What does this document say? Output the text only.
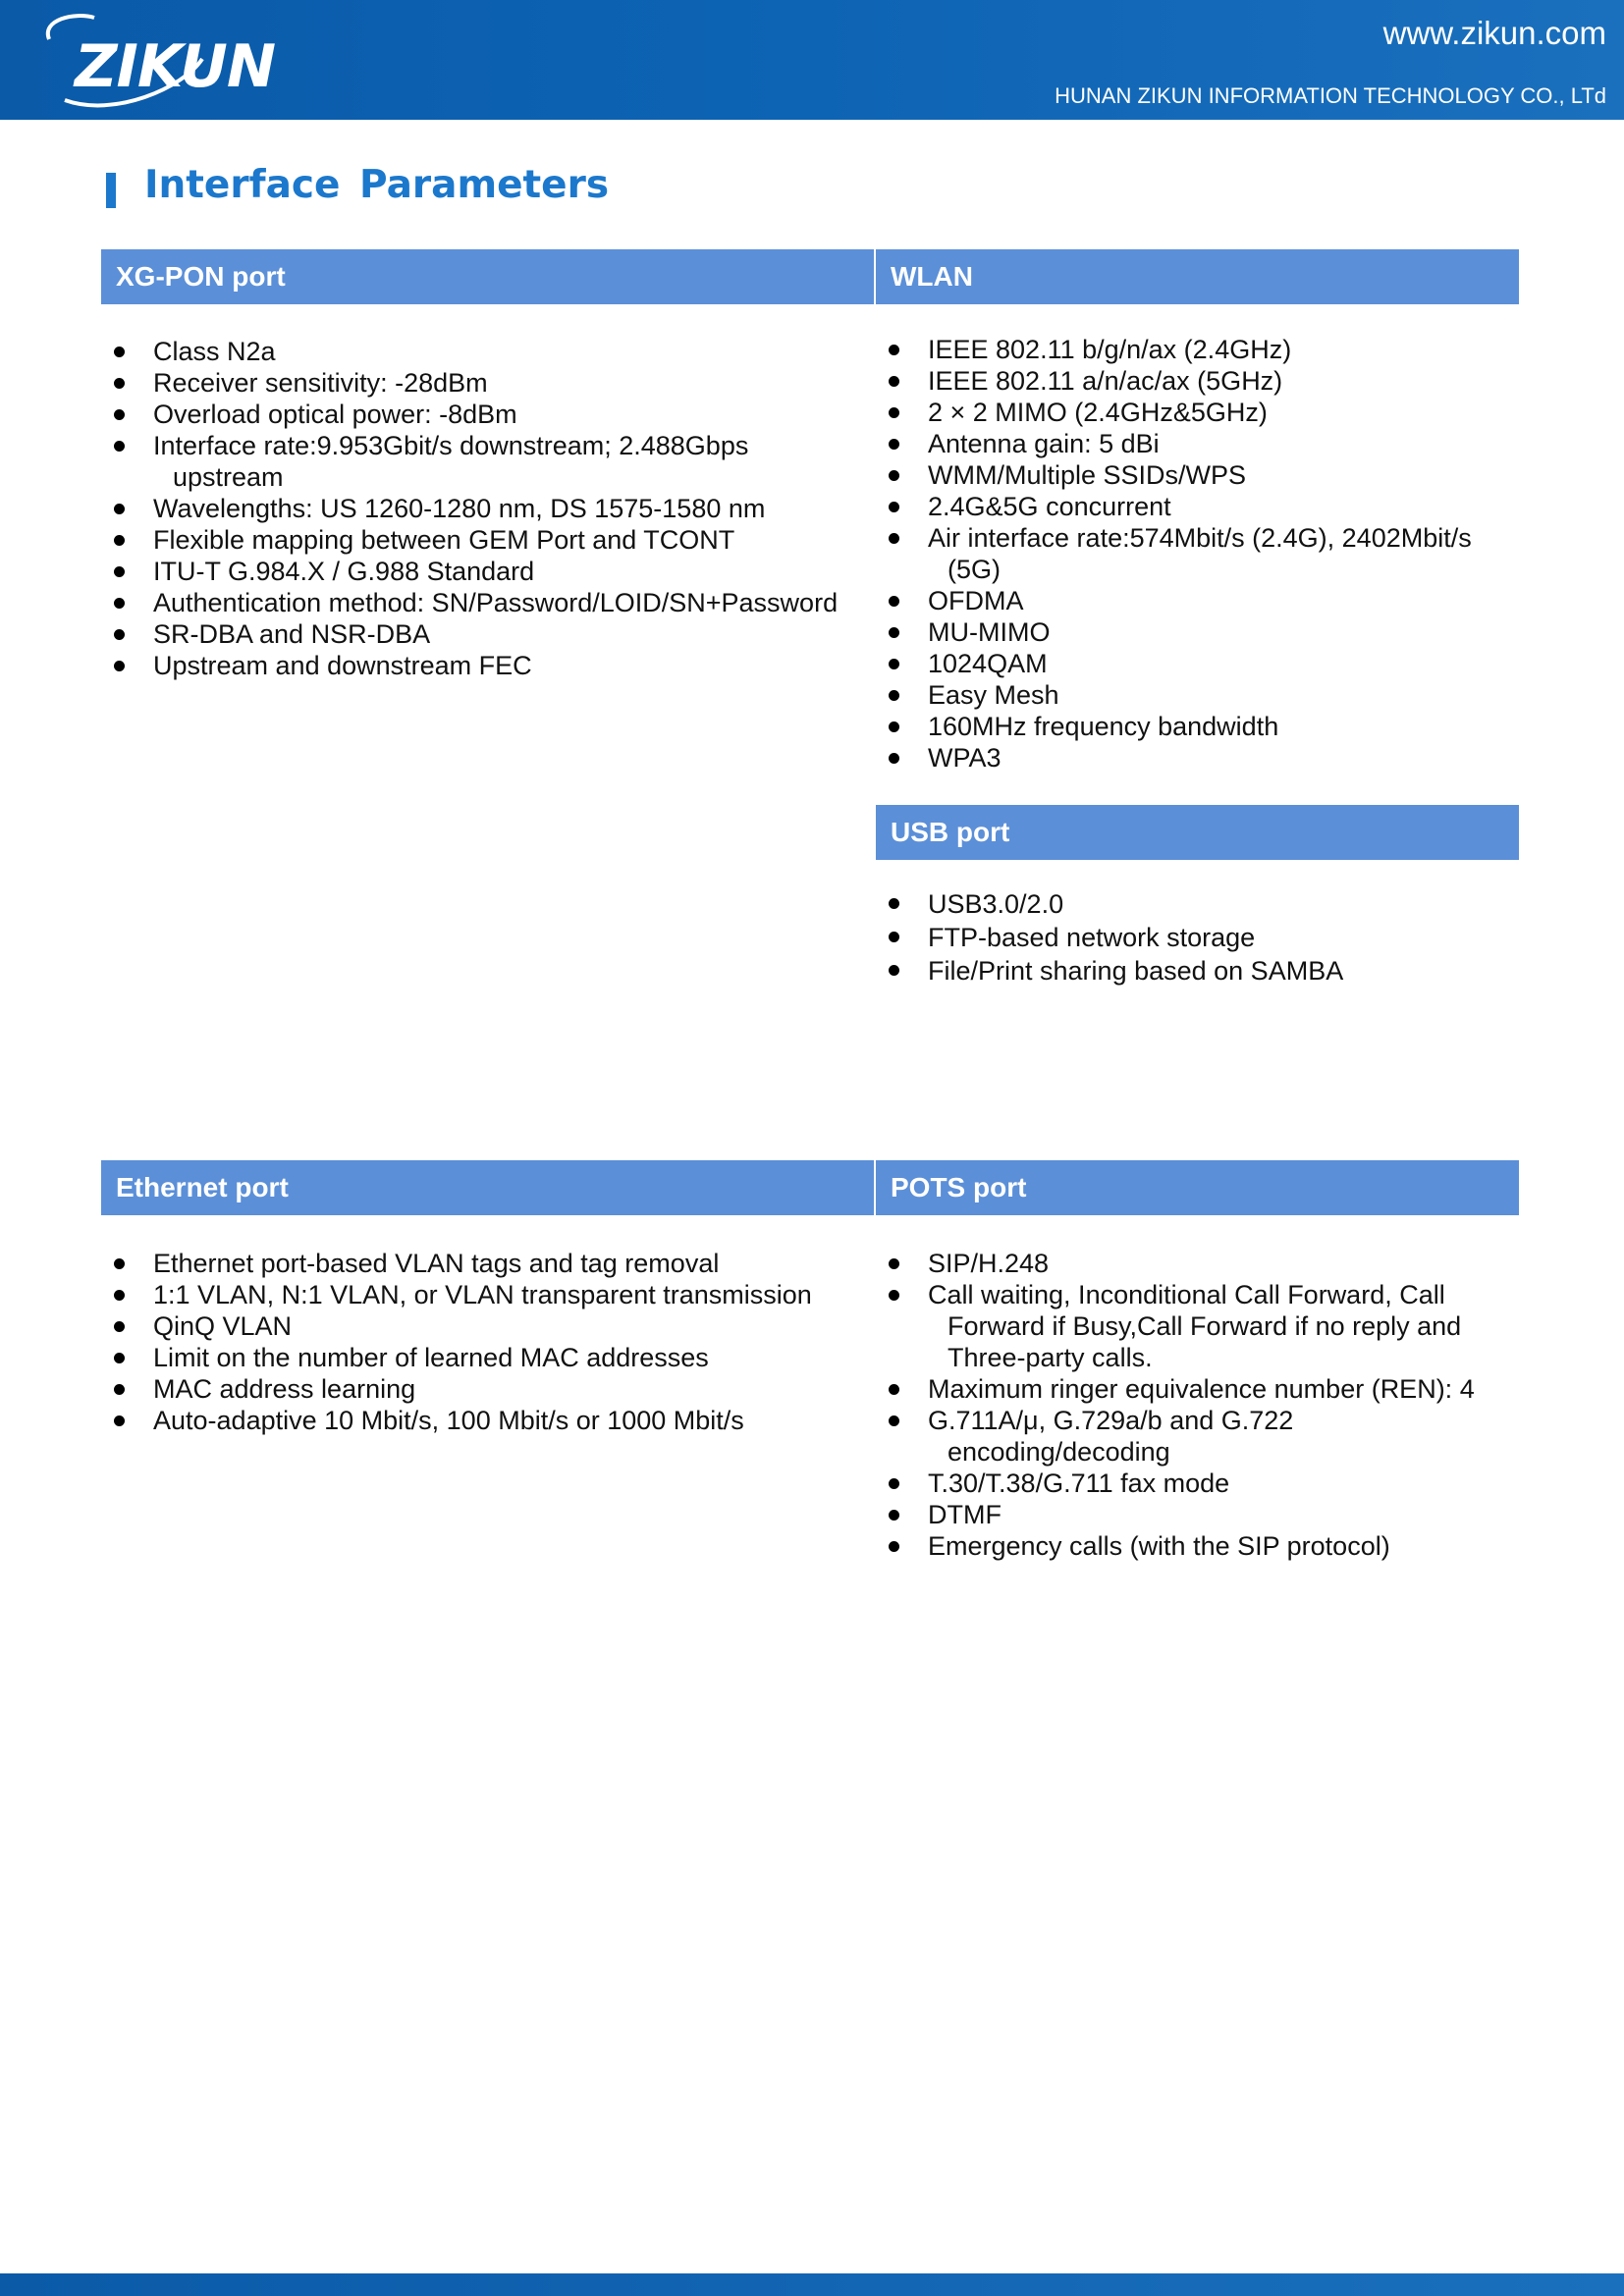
ZIKUN	www.zikun.com
HUNAN ZIKUN INFORMATION TECHNOLOGY CO., LTd
Interface Parameters
XG-PON port
Class N2a
Receiver sensitivity: -28dBm
Overload optical power: -8dBm
Interface rate:9.953Gbit/s downstream; 2.488Gbps
upstream
Wavelengths: US 1260-1280 nm, DS 1575-1580 nm
Flexible mapping between GEM Port and TCONT
ITU-T G.984.X / G.988 Standard
Authentication method: SN/Password/LOID/SN+Password
SR-DBA and NSR-DBA
Upstream and downstream FEC
WLAN
IEEE 802.11 b/g/n/ax (2.4GHz)
IEEE 802.11 a/n/ac/ax (5GHz)
2 × 2 MIMO (2.4GHz&5GHz)
Antenna gain: 5 dBi
WMM/Multiple SSIDs/WPS
2.4G&5G concurrent
Air interface rate:574Mbit/s (2.4G), 2402Mbit/s
(5G)
OFDMA
MU-MIMO
1024QAM
Easy Mesh
160MHz frequency bandwidth
WPA3
USB port
USB3.0/2.0
FTP-based network storage
File/Print sharing based on SAMBA
Ethernet port
Ethernet port-based VLAN tags and tag removal
1:1 VLAN, N:1 VLAN, or VLAN transparent transmission
QinQ VLAN
Limit on the number of learned MAC addresses
MAC address learning
Auto-adaptive 10 Mbit/s, 100 Mbit/s or 1000 Mbit/s
POTS port
SIP/H.248
Call waiting, Inconditional Call Forward, Call
Forward if Busy,Call Forward if no reply and
Three-party calls.
Maximum ringer equivalence number (REN): 4
G.711A/μ, G.729a/b and G.722
encoding/decoding
T.30/T.38/G.711 fax mode
DTMF
Emergency calls (with the SIP protocol)
